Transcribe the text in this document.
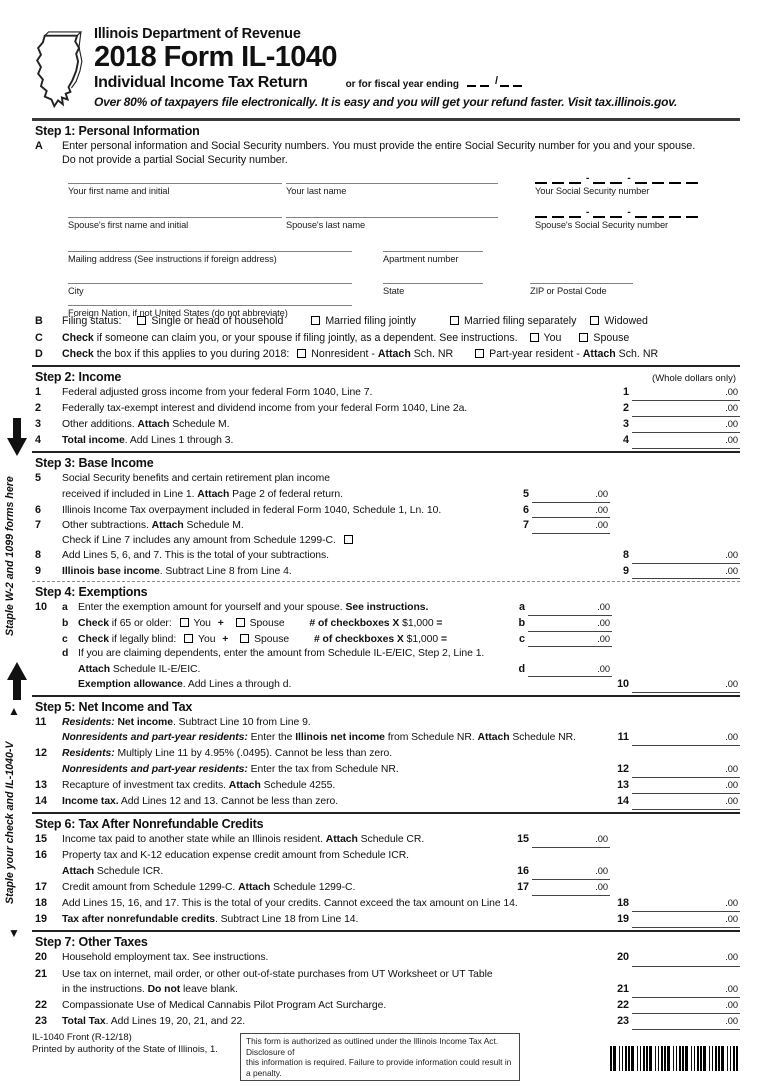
Staple W-2 and 1099 forms here
▲
Staple your check and IL-1040-V
▼
Illinois Department of Revenue
2018 Form IL-1040
Individual Income Tax Return	or for fiscal year ending	/
Over 80% of taxpayers file electronically. It is easy and you will get your refund faster. Visit tax.illinois.gov.
Step 1: Personal Information
A	Enter personal information and Social Security numbers. You must provide the entire Social Security number for you and your spouse.
Do not provide a partial Social Security number.
Your first name and initial	Your last name
-	-
Your Social Security number
Spouse's first name and initial	Spouse's last name
-	-
Spouse's Social Security number
Mailing address (See instructions if foreign address)	Apartment number
City	State	ZIP or Postal Code
Foreign Nation, if not United States (do not abbreviate)
B	Filing status:	Single or head of household	Married filing jointly	Married filing separately	Widowed
C	Check if someone can claim you, or your spouse if filing jointly, as a dependent. See instructions. You	Spouse
D	Check the box if this applies to you during 2018: Nonresident - Attach Sch. NR	Part-year resident - Attach Sch. NR
Step 2: Income	(Whole dollars only)
1	Federal adjusted gross income from your federal Form 1040, Line 7.	1	.00
2	Federally tax-exempt interest and dividend income from your federal Form 1040, Line 2a.	2	.00
3	Other additions. Attach Schedule M.	3	.00
4	Total income. Add Lines 1 through 3.	4	.00
Step 3: Base Income
5	Social Security benefits and certain retirement plan income
received if included in Line 1. Attach Page 2 of federal return.	5	.00
6	Illinois Income Tax overpayment included in federal Form 1040, Schedule 1, Ln. 10.	6	.00
7	Other subtractions. Attach Schedule M.	7	.00
Check if Line 7 includes any amount from Schedule 1299-C.
8	Add Lines 5, 6, and 7. This is the total of your subtractions.	8	.00
9	Illinois base income. Subtract Line 8 from Line 4.	9	.00
Step 4: Exemptions
10	a Enter the exemption amount for yourself and your spouse. See instructions.	a	.00
b Check if 65 or older: You + Spouse # of checkboxes X $1,000 =	b	.00
c Check if legally blind: You + Spouse # of checkboxes X $1,000 =	c	.00
d If you are claiming dependents, enter the amount from Schedule IL-E/EIC, Step 2, Line 1.
Attach Schedule IL-E/EIC.	d	.00
Exemption allowance. Add Lines a through d.	10	.00
Step 5: Net Income and Tax
11	Residents: Net income. Subtract Line 10 from Line 9.
Nonresidents and part-year residents: Enter the Illinois net income from Schedule NR. Attach Schedule NR.	11	.00
12	Residents: Multiply Line 11 by 4.95% (.0495). Cannot be less than zero.
Nonresidents and part-year residents: Enter the tax from Schedule NR.	12	.00
13	Recapture of investment tax credits. Attach Schedule 4255.	13	.00
14	Income tax. Add Lines 12 and 13. Cannot be less than zero.	14	.00
Step 6: Tax After Nonrefundable Credits
15	Income tax paid to another state while an Illinois resident. Attach Schedule CR.	15	.00
16	Property tax and K-12 education expense credit amount from Schedule ICR.
Attach Schedule ICR.	16	.00
17	Credit amount from Schedule 1299-C. Attach Schedule 1299-C.	17	.00
18	Add Lines 15, 16, and 17. This is the total of your credits. Cannot exceed the tax amount on Line 14.	18	.00
19	Tax after nonrefundable credits. Subtract Line 18 from Line 14.	19	.00
Step 7: Other Taxes
20	Household employment tax. See instructions.	20	.00
21	Use tax on internet, mail order, or other out-of-state purchases from UT Worksheet or UT Table
in the instructions. Do not leave blank.	21	.00
22	Compassionate Use of Medical Cannabis Pilot Program Act Surcharge.	22	.00
23	Total Tax. Add Lines 19, 20, 21, and 22.	23	.00
IL-1040 Front (R-12/18)
Printed by authority of the State of Illinois, 1.
This form is authorized as outlined under the Illinois Income Tax Act. Disclosure of
this information is required. Failure to provide information could result in a penalty.
